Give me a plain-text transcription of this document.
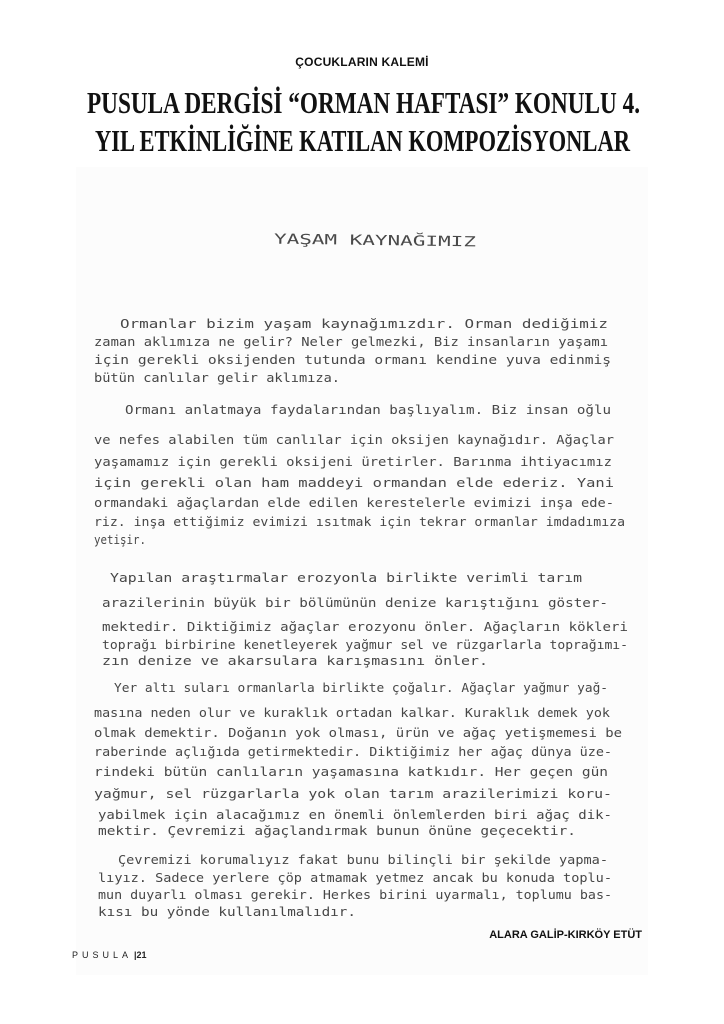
ÇOCUKLARIN KALEMİ
PUSULA DERGİSİ “ORMAN HAFTASI” KONULU 4.
YIL ETKİNLİĞİNE KATILAN KOMPOZİSYONLAR
YAŞAM KAYNAĞIMIZ
Ormanlar bizim yaşam kaynağımızdır. Orman dediğimiz
zaman aklımıza ne gelir? Neler gelmezki, Biz insanların yaşamı
için gerekli oksijenden tutunda ormanı kendine yuva edinmiş
bütün canlılar gelir aklımıza.
Ormanı anlatmaya faydalarından başlıyalım. Biz insan oğlu
ve nefes alabilen tüm canlılar için oksijen kaynağıdır. Ağaçlar
yaşamamız için gerekli oksijeni üretirler. Barınma ihtiyacımız
için gerekli olan ham maddeyi ormandan elde ederiz. Yani
ormandaki ağaçlardan elde edilen kerestelerle evimizi inşa ede-
riz. inşa ettiğimiz evimizi ısıtmak için tekrar ormanlar imdadımıza
yetişir.
Yapılan araştırmalar erozyonla birlikte verimli tarım
arazilerinin büyük bir bölümünün denize karıştığını göster-
mektedir. Diktiğimiz ağaçlar erozyonu önler. Ağaçların kökleri
toprağı birbirine kenetleyerek yağmur sel ve rüzgarlarla toprağımı-
zın denize ve akarsulara karışmasını önler.
Yer altı suları ormanlarla birlikte çoğalır. Ağaçlar yağmur yağ-
masına neden olur ve kuraklık ortadan kalkar. Kuraklık demek yok
olmak demektir. Doğanın yok olması, ürün ve ağaç yetişmemesi be
raberinde açlığıda getirmektedir. Diktiğimiz her ağaç dünya üze-
rindeki bütün canlıların yaşamasına katkıdır. Her geçen gün
yağmur, sel rüzgarlarla yok olan tarım arazilerimizi koru-
yabilmek için alacağımız en önemli önlemlerden biri ağaç dik-
mektir. Çevremizi ağaçlandırmak bunun önüne geçecektir.
Çevremizi korumalıyız fakat bunu bilinçli bir şekilde yapma-
lıyız. Sadece yerlere çöp atmamak yetmez ancak bu konuda toplu-
mun duyarlı olması gerekir. Herkes birini uyarmalı, toplumu bas-
kısı bu yönde kullanılmalıdır.
ALARA GALİP-KIRKÖY ETÜT
PUSULA |21
